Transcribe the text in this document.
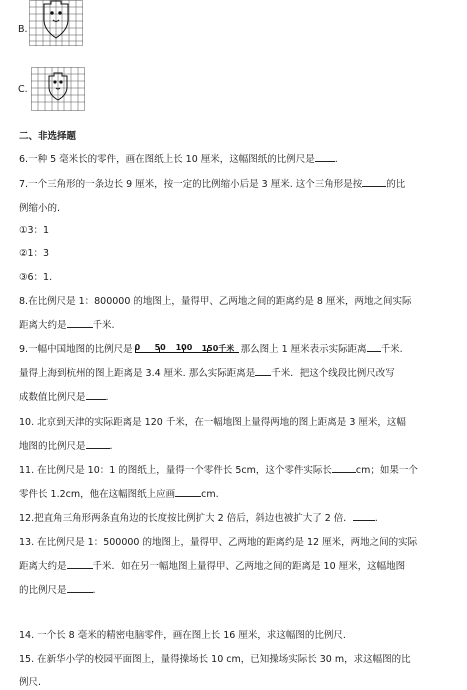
B.
C.
二、非选择题
6.一种 5 毫米长的零件，画在图纸上长 10 厘米，这幅图纸的比例尺是 .
7.一个三角形的一条边长 9 厘米，按一定的比例缩小后是 3 厘米. 这个三角形是按	的比
例缩小的.
①3：1
②1：3
③6：1.
8.在比例尺是 1：800000 的地图上，量得甲、乙两地之间的距离约是 8 厘米，两地之间实际
距离大约是	千米.
9.一幅中国地图的比例尺是 0 50 100 150千米 那么图上 1 厘米表示实际距离 千米.
量得上海到杭州的图上距离是 3.4 厘米. 那么实际距离是 千米．把这个线段比例尺改写
成数值比例尺是 .
10. 北京到天津的实际距离是 120 千米，在一幅地图上量得两地的图上距离是 3 厘米，这幅
地图的比例尺是	.
11. 在比例尺是 10：1 的图纸上，量得一个零件长 5cm，这个零件实际长	cm；如果一个
零件长 1.2cm，他在这幅图纸上应画	cm.
12.把直角三角形两条直角边的长度按比例扩大 2 倍后，斜边也被扩大了 2 倍． .
13. 在比例尺是 1：500000 的地图上，量得甲、乙两地的距离约是 12 厘米，两地之间的实际
距离大约是	千米．如在另一幅地图上量得甲、乙两地之间的距离是 10 厘米，这幅地图
的比例尺是	.
14. 一个长 8 毫米的精密电脑零件，画在图上长 16 厘米，求这幅图的比例尺.
15. 在新华小学的校园平面图上，量得操场长 10 cm，已知操场实际长 30 m，求这幅图的比
例尺.
